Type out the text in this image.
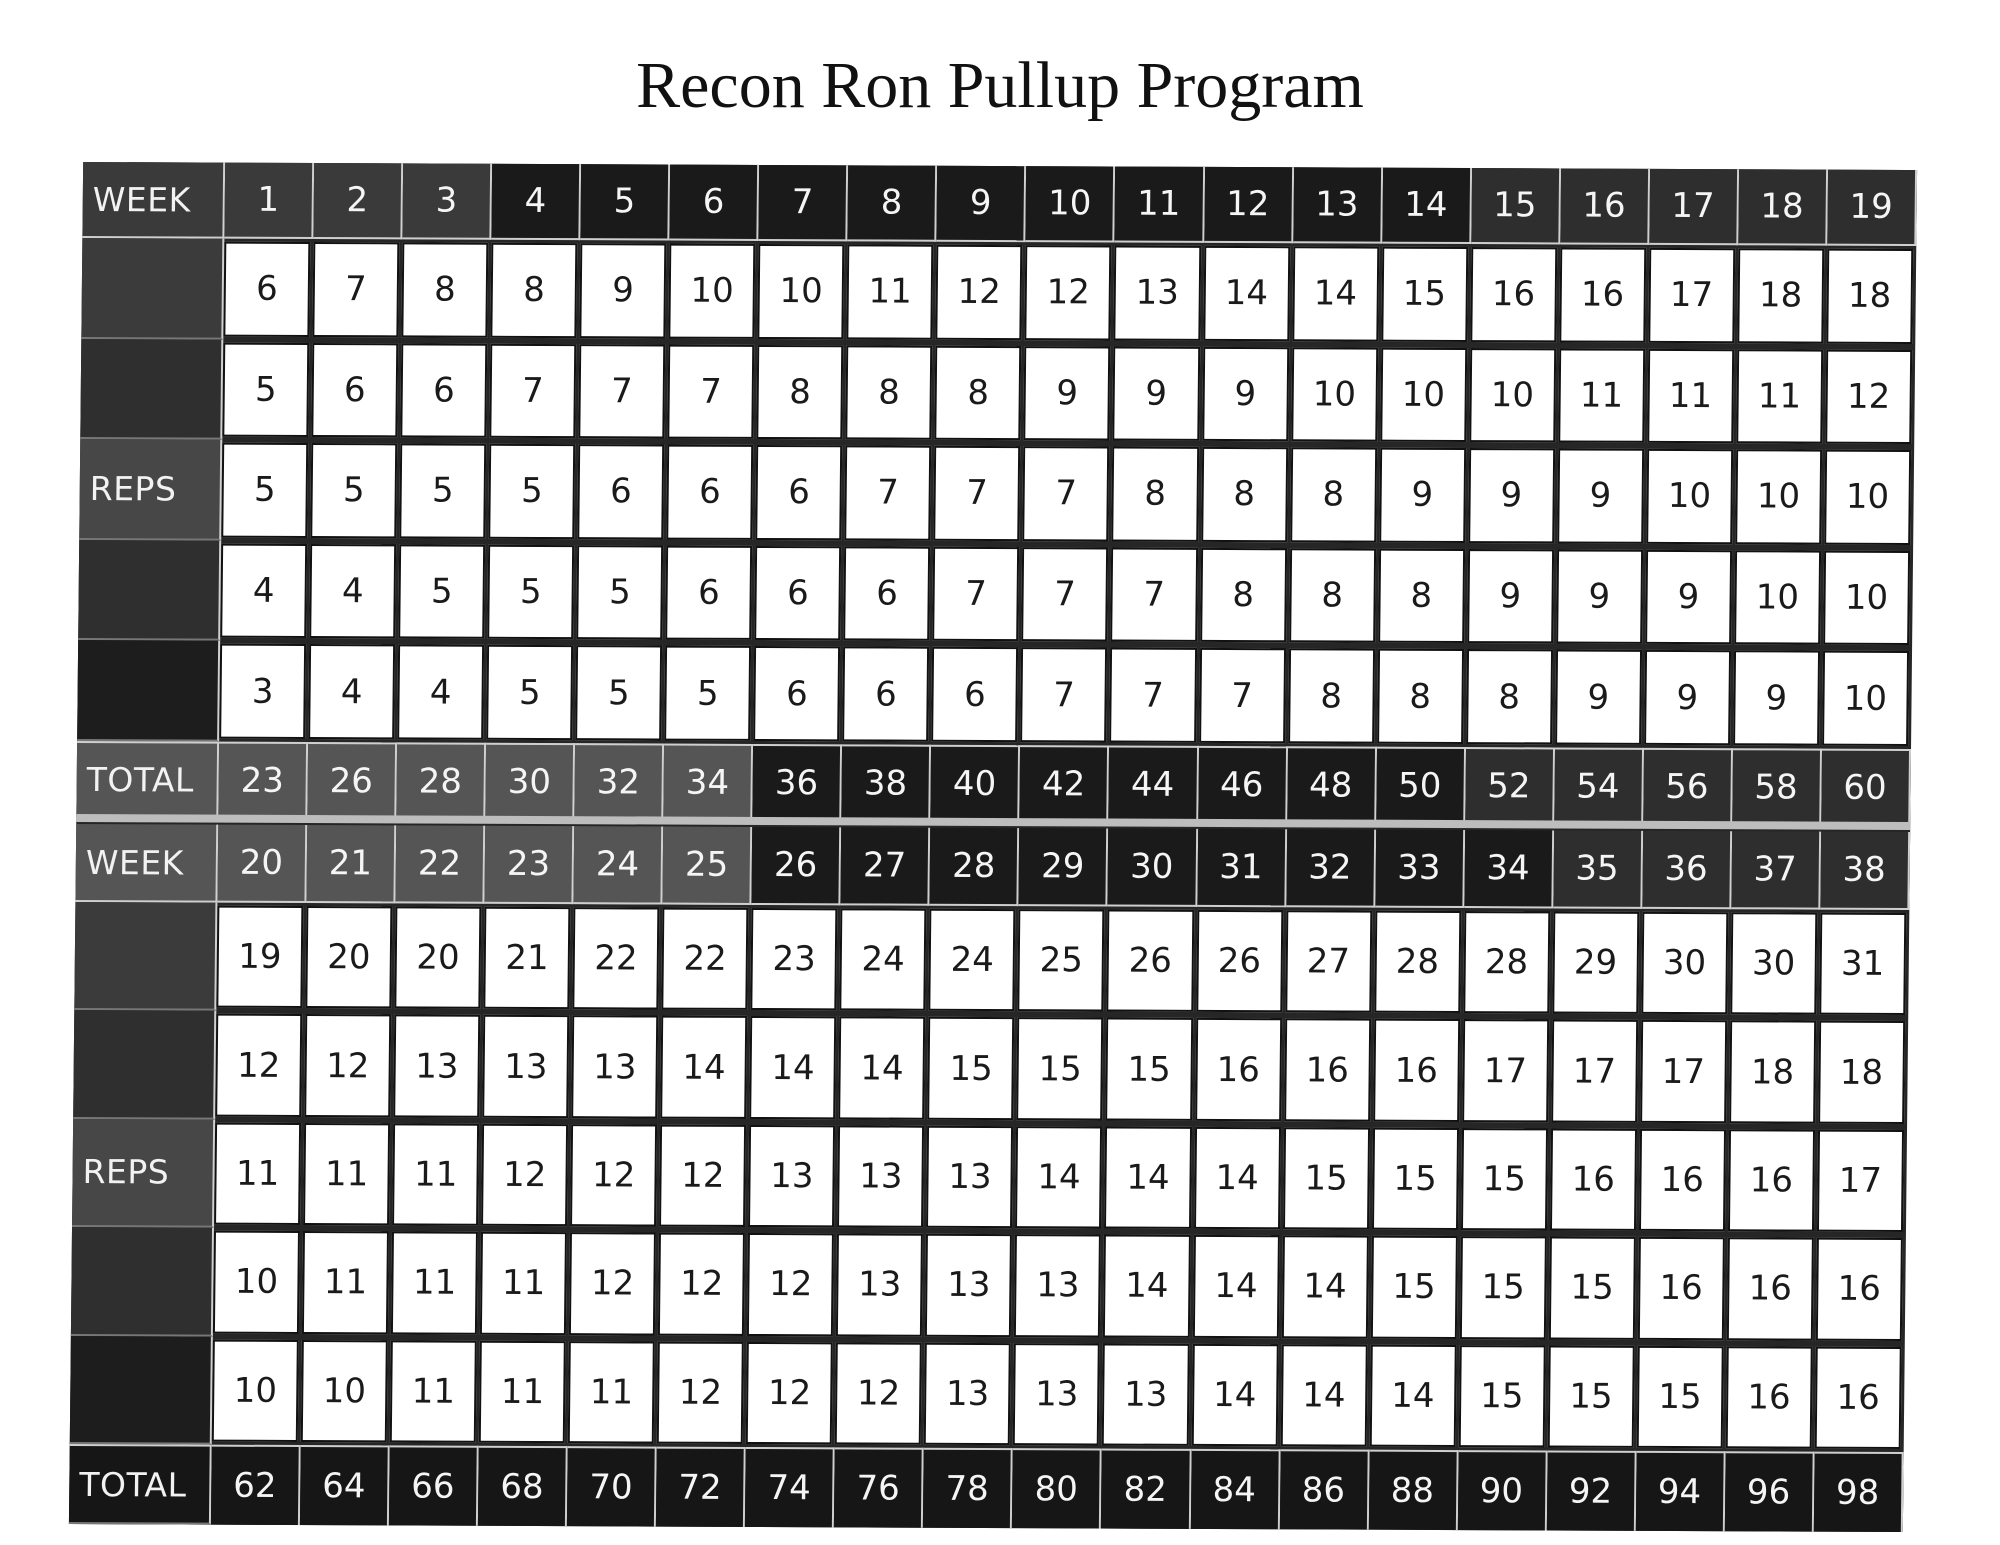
Recon Ron Pullup Program
WEEK	1	2	3	4	5	6	7	8	9	10	11	12	13	14	15	16	17	18	19
6	7	8	8	9	10	10	11	12	12	13	14	14	15	16	16	17	18	18
5	6	6	7	7	7	8	8	8	9	9	9	10	10	10	11	11	11	12
REPS	5	5	5	5	6	6	6	7	7	7	8	8	8	9	9	9	10	10	10
4	4	5	5	5	6	6	6	7	7	7	8	8	8	9	9	9	10	10
3	4	4	5	5	5	6	6	6	7	7	7	8	8	8	9	9	9	10
TOTAL	23	26	28	30	32	34	36	38	40	42	44	46	48	50	52	54	56	58	60
WEEK	20	21	22	23	24	25	26	27	28	29	30	31	32	33	34	35	36	37	38
19	20	20	21	22	22	23	24	24	25	26	26	27	28	28	29	30	30	31
12	12	13	13	13	14	14	14	15	15	15	16	16	16	17	17	17	18	18
REPS	11	11	11	12	12	12	13	13	13	14	14	14	15	15	15	16	16	16	17
10	11	11	11	12	12	12	13	13	13	14	14	14	15	15	15	16	16	16
10	10	11	11	11	12	12	12	13	13	13	14	14	14	15	15	15	16	16
TOTAL	62	64	66	68	70	72	74	76	78	80	82	84	86	88	90	92	94	96	98
